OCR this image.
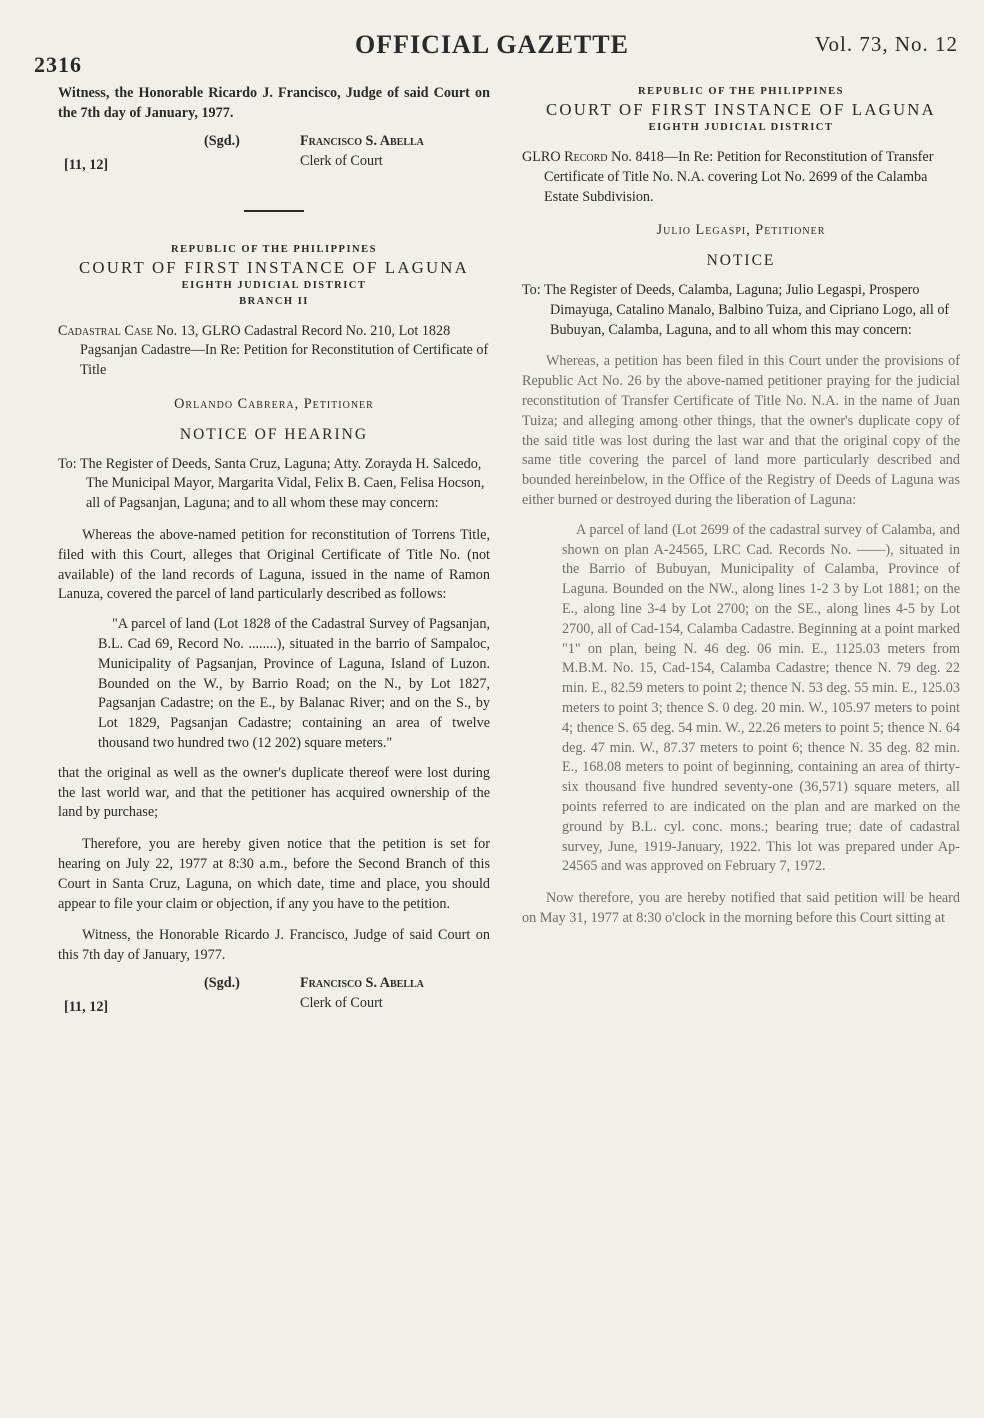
2316
OFFICIAL GAZETTE	Vol. 73, No. 12

Witness, the Honorable Ricardo J. Francisco, Judge of said Court on the 7th day of January, 1977.

(Sgd.)	Francisco S. Abella
Clerk of Court
[11, 12]
REPUBLIC OF THE PHILIPPINES
COURT OF FIRST INSTANCE OF LAGUNA
EIGHTH JUDICIAL DISTRICT
BRANCH II

Cadastral Case No. 13, GLRO Cadastral Record No. 210, Lot 1828 Pagsanjan Cadastre—In Re: Petition for Reconstitution of Certificate of Title

Orlando Cabrera, Petitioner
NOTICE OF HEARING

To: The Register of Deeds, Santa Cruz, Laguna; Atty. Zorayda H. Salcedo, The Municipal Mayor, Margarita Vidal, Felix B. Caen, Felisa Hocson, all of Pagsanjan, Laguna; and to all whom these may concern:

Whereas the above-named petition for reconstitution of Torrens Title, filed with this Court, alleges that Original Certificate of Title No. (not available) of the land records of Laguna, issued in the name of Ramon Lanuza, covered the parcel of land particularly described as follows:

"A parcel of land (Lot 1828 of the Cadastral Survey of Pagsanjan, B.L. Cad 69, Record No. ........), situated in the barrio of Sampaloc, Municipality of Pagsanjan, Province of Laguna, Island of Luzon. Bounded on the W., by Barrio Road; on the N., by Lot 1827, Pagsanjan Cadastre; on the E., by Balanac River; and on the S., by Lot 1829, Pagsanjan Cadastre; containing an area of twelve thousand two hundred two (12 202) square meters."

that the original as well as the owner's duplicate thereof were lost during the last world war, and that the petitioner has acquired ownership of the land by purchase;

Therefore, you are hereby given notice that the petition is set for hearing on July 22, 1977 at 8:30 a.m., before the Second Branch of this Court in Santa Cruz, Laguna, on which date, time and place, you should appear to file your claim or objection, if any you have to the petition.

Witness, the Honorable Ricardo J. Francisco, Judge of said Court on this 7th day of January, 1977.

(Sgd.)	Francisco S. Abella
Clerk of Court
[11, 12]
REPUBLIC OF THE PHILIPPINES
COURT OF FIRST INSTANCE OF LAGUNA
EIGHTH JUDICIAL DISTRICT

GLRO Record No. 8418—In Re: Petition for Reconstitution of Transfer Certificate of Title No. N.A. covering Lot No. 2699 of the Calamba Estate Subdivision.

Julio Legaspi, Petitioner
NOTICE

To: The Register of Deeds, Calamba, Laguna; Julio Legaspi, Prospero Dimayuga, Catalino Manalo, Balbino Tuiza, and Cipriano Logo, all of Bubuyan, Calamba, Laguna, and to all whom this may concern:

Whereas, a petition has been filed in this Court under the provisions of Republic Act No. 26 by the above-named petitioner praying for the judicial reconstitution of Transfer Certificate of Title No. N.A. in the name of Juan Tuiza; and alleging among other things, that the owner's duplicate copy of the said title was lost during the last war and that the original copy of the same title covering the parcel of land more particularly described and bounded hereinbelow, in the Office of the Registry of Deeds of Laguna was either burned or destroyed during the liberation of Laguna:

A parcel of land (Lot 2699 of the cadastral survey of Calamba, and shown on plan A-24565, LRC Cad. Records No. ——), situated in the Barrio of Bubuyan, Municipality of Calamba, Province of Laguna. Bounded on the NW., along lines 1-2 3 by Lot 1881; on the E., along line 3-4 by Lot 2700; on the SE., along lines 4-5 by Lot 2700, all of Cad-154, Calamba Cadastre. Beginning at a point marked "1" on plan, being N. 46 deg. 06 min. E., 1125.03 meters from M.B.M. No. 15, Cad-154, Calamba Cadastre; thence N. 79 deg. 22 min. E., 82.59 meters to point 2; thence N. 53 deg. 55 min. E., 125.03 meters to point 3; thence S. 0 deg. 20 min. W., 105.97 meters to point 4; thence S. 65 deg. 54 min. W., 22.26 meters to point 5; thence N. 64 deg. 47 min. W., 87.37 meters to point 6; thence N. 35 deg. 82 min. E., 168.08 meters to point of beginning, containing an area of thirty-six thousand five hundred seventy-one (36,571) square meters, all points referred to are indicated on the plan and are marked on the ground by B.L. cyl. conc. mons.; bearing true; date of cadastral survey, June, 1919-January, 1922. This lot was prepared under Ap-24565 and was approved on February 7, 1972.

Now therefore, you are hereby notified that said petition will be heard on May 31, 1977 at 8:30 o'clock in the morning before this Court sitting at
